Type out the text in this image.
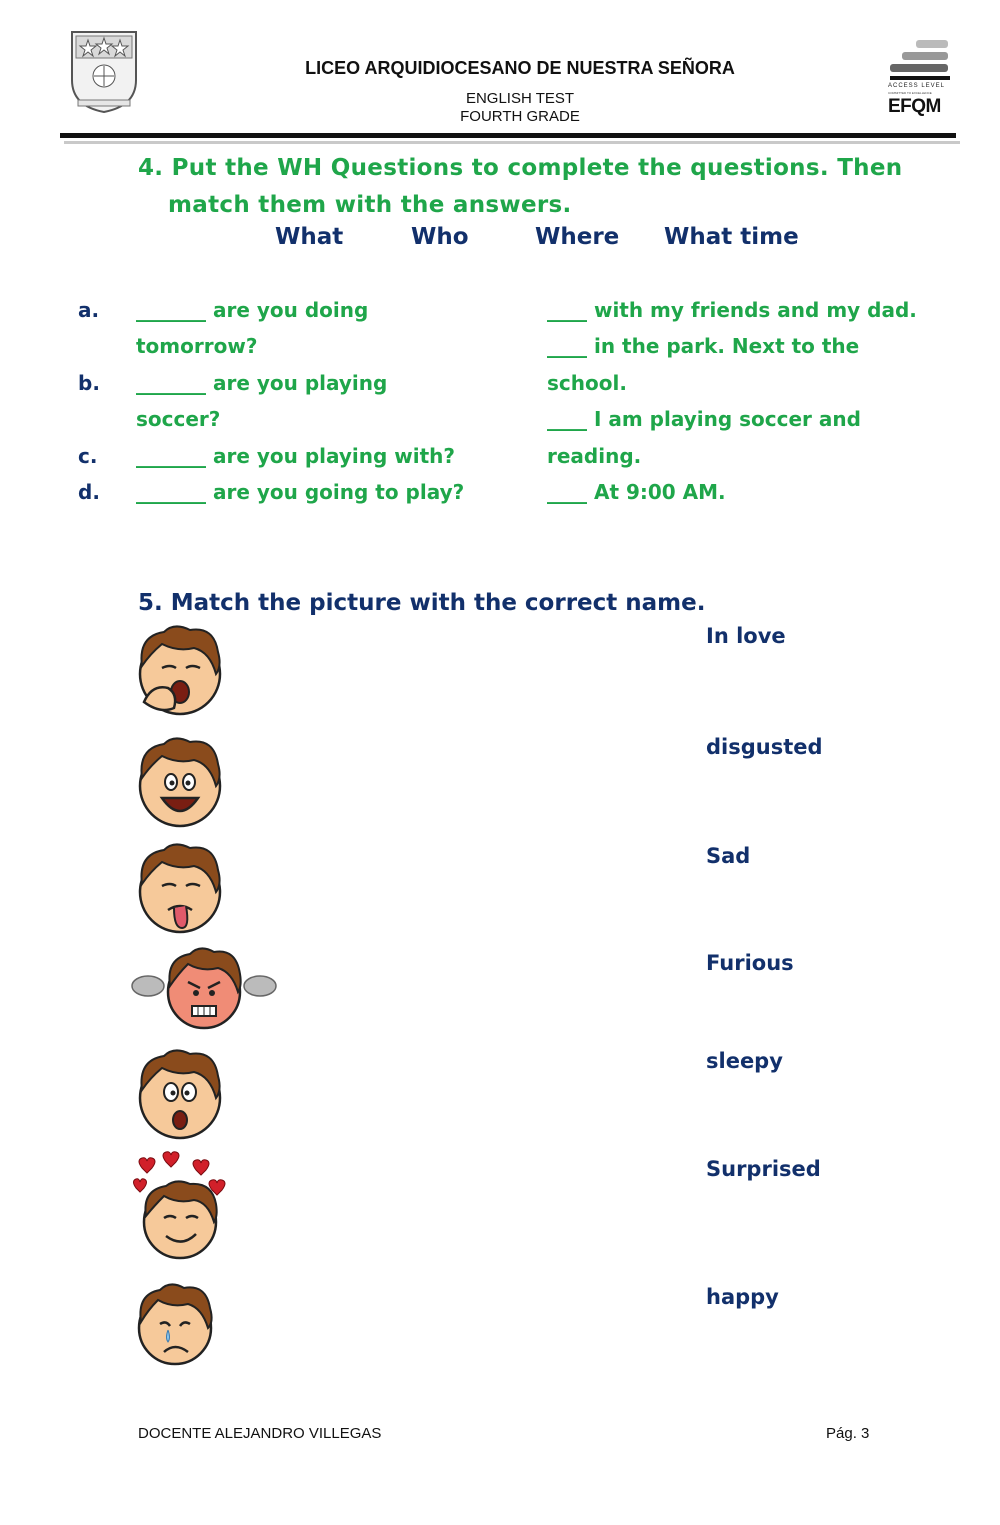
LICEO ARQUIDIOCESANO DE NUESTRA SEÑORA
ENGLISH TEST
FOURTH GRADE
ACCESS LEVEL
COMMITTED TO EXCELLENCE
EFQM
4. Put the WH Questions to complete the questions. Then
match them with the answers.
What	Who	Where What time
a.
b.
c.
d.
_______ are you doing
tomorrow?
_______ are you playing
soccer?
_______ are you playing with?
_______ are you going to play?
____ with my friends and my dad.
____ in the park. Next to the
school.
____ I am playing soccer and
reading.
____ At 9:00 AM.
5. Match the picture with the correct name.
In love
disgusted
Sad
Furious
sleepy
Surprised
happy
DOCENTE ALEJANDRO VILLEGAS	Pág. 3
